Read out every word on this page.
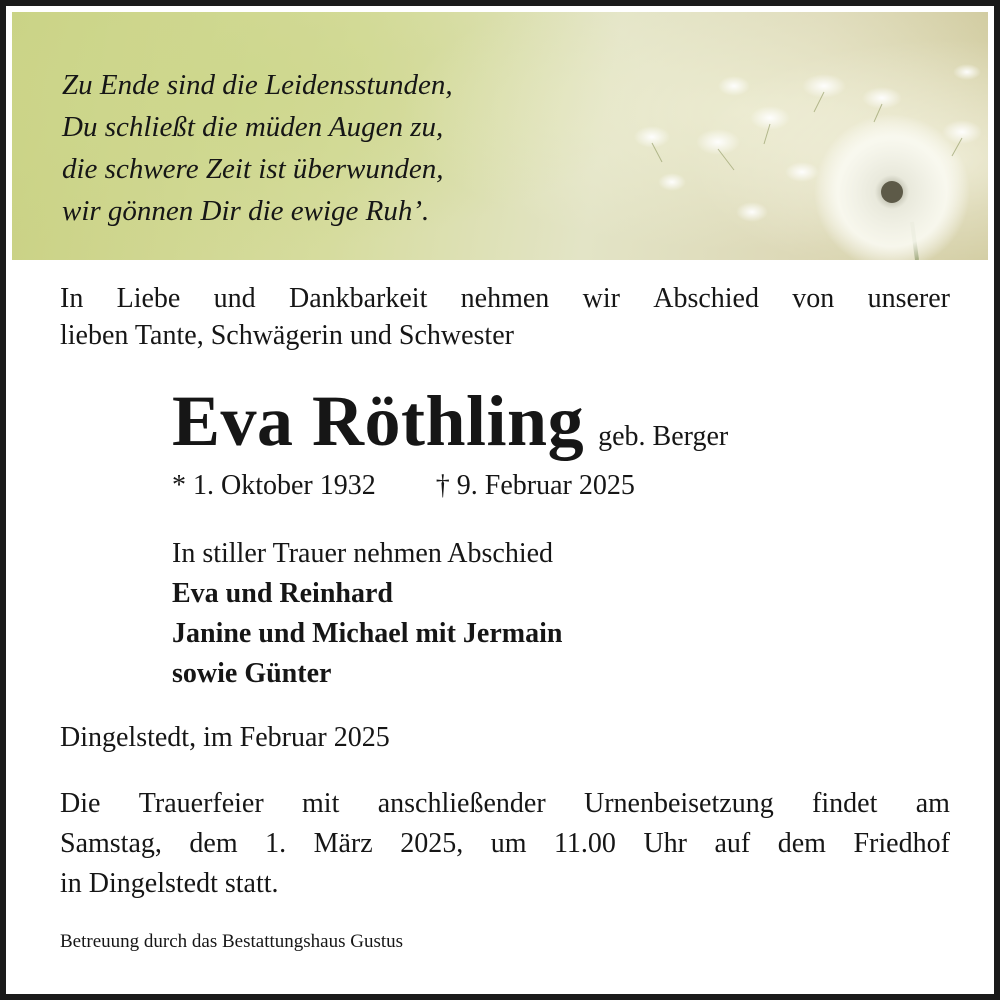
Zu Ende sind die Leidensstunden,
Du schließt die müden Augen zu,
die schwere Zeit ist überwunden,
wir gönnen Dir die ewige Ruh’.
In Liebe und Dankbarkeit nehmen wir Abschied von unserer
lieben Tante, Schwägerin und Schwester
Eva Röthling geb. Berger
* 1. Oktober 1932 † 9. Februar 2025
In stiller Trauer nehmen Abschied
Eva und Reinhard
Janine und Michael mit Jermain
sowie Günter
Dingelstedt, im Februar 2025
Die Trauerfeier mit anschließender Urnenbeisetzung findet am
Samstag, dem 1. März 2025, um 11.00 Uhr auf dem Friedhof
in Dingelstedt statt.
Betreuung durch das Bestattungshaus Gustus
